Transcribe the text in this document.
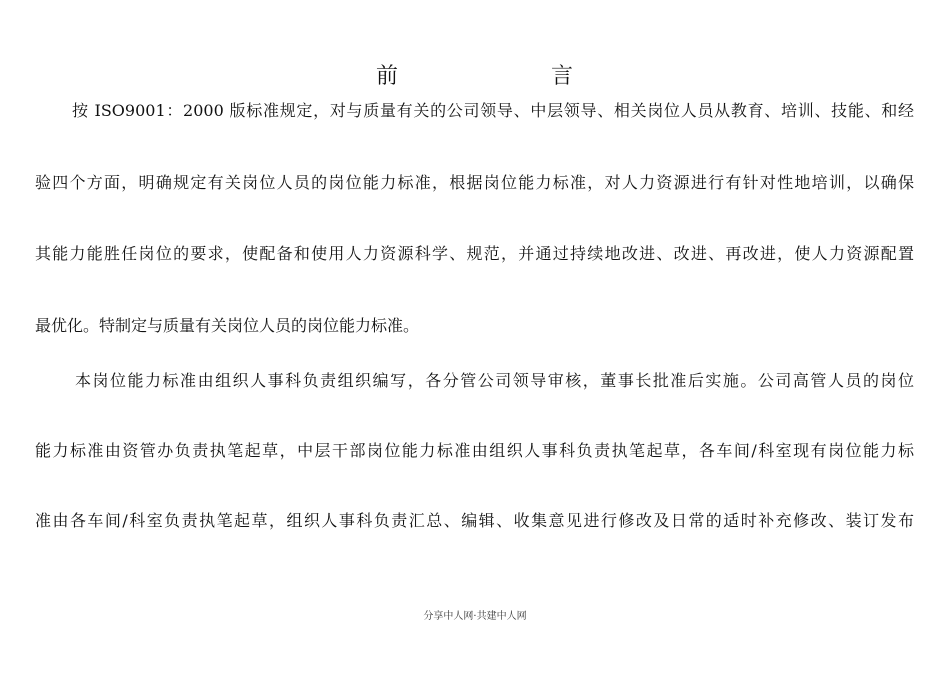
前	言
按 ISO9001：2000 版标准规定，对与质量有关的公司领导、中层领导、相关岗位人员从教育、培训、技能、和经
验四个方面，明确规定有关岗位人员的岗位能力标准，根据岗位能力标准，对人力资源进行有针对性地培训，以确保
其能力能胜任岗位的要求，使配备和使用人力资源科学、规范，并通过持续地改进、改进、再改进，使人力资源配置
最优化。特制定与质量有关岗位人员的岗位能力标准。
本岗位能力标准由组织人事科负责组织编写，各分管公司领导审核，董事长批准后实施。公司高管人员的岗位
能力标准由资管办负责执笔起草，中层干部岗位能力标准由组织人事科负责执笔起草，各车间/科室现有岗位能力标
准由各车间/科室负责执笔起草，组织人事科负责汇总、编辑、收集意见进行修改及日常的适时补充修改、装订发布
分享中人网·共建中人网
